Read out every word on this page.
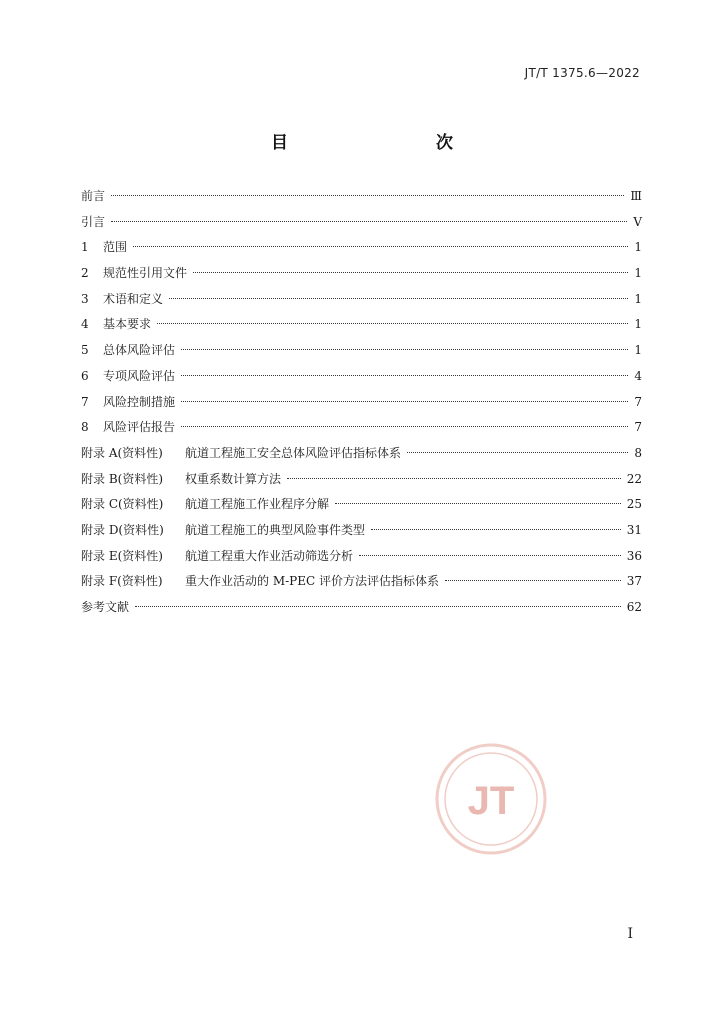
JT/T 1375.6—2022
目　　次
前言	Ⅲ
引言	Ⅴ
1	范围	1
2	规范性引用文件	1
3	术语和定义	1
4	基本要求	1
5	总体风险评估	1
6	专项风险评估	4
7	风险控制措施	7
8	风险评估报告	7
附录 A(资料性)	航道工程施工安全总体风险评估指标体系	8
附录 B(资料性)	权重系数计算方法	22
附录 C(资料性)	航道工程施工作业程序分解	25
附录 D(资料性)	航道工程施工的典型风险事件类型	31
附录 E(资料性)	航道工程重大作业活动筛选分析	36
附录 F(资料性)	重大作业活动的 M-PEC 评价方法评估指标体系	37
参考文献	62
JT
I
